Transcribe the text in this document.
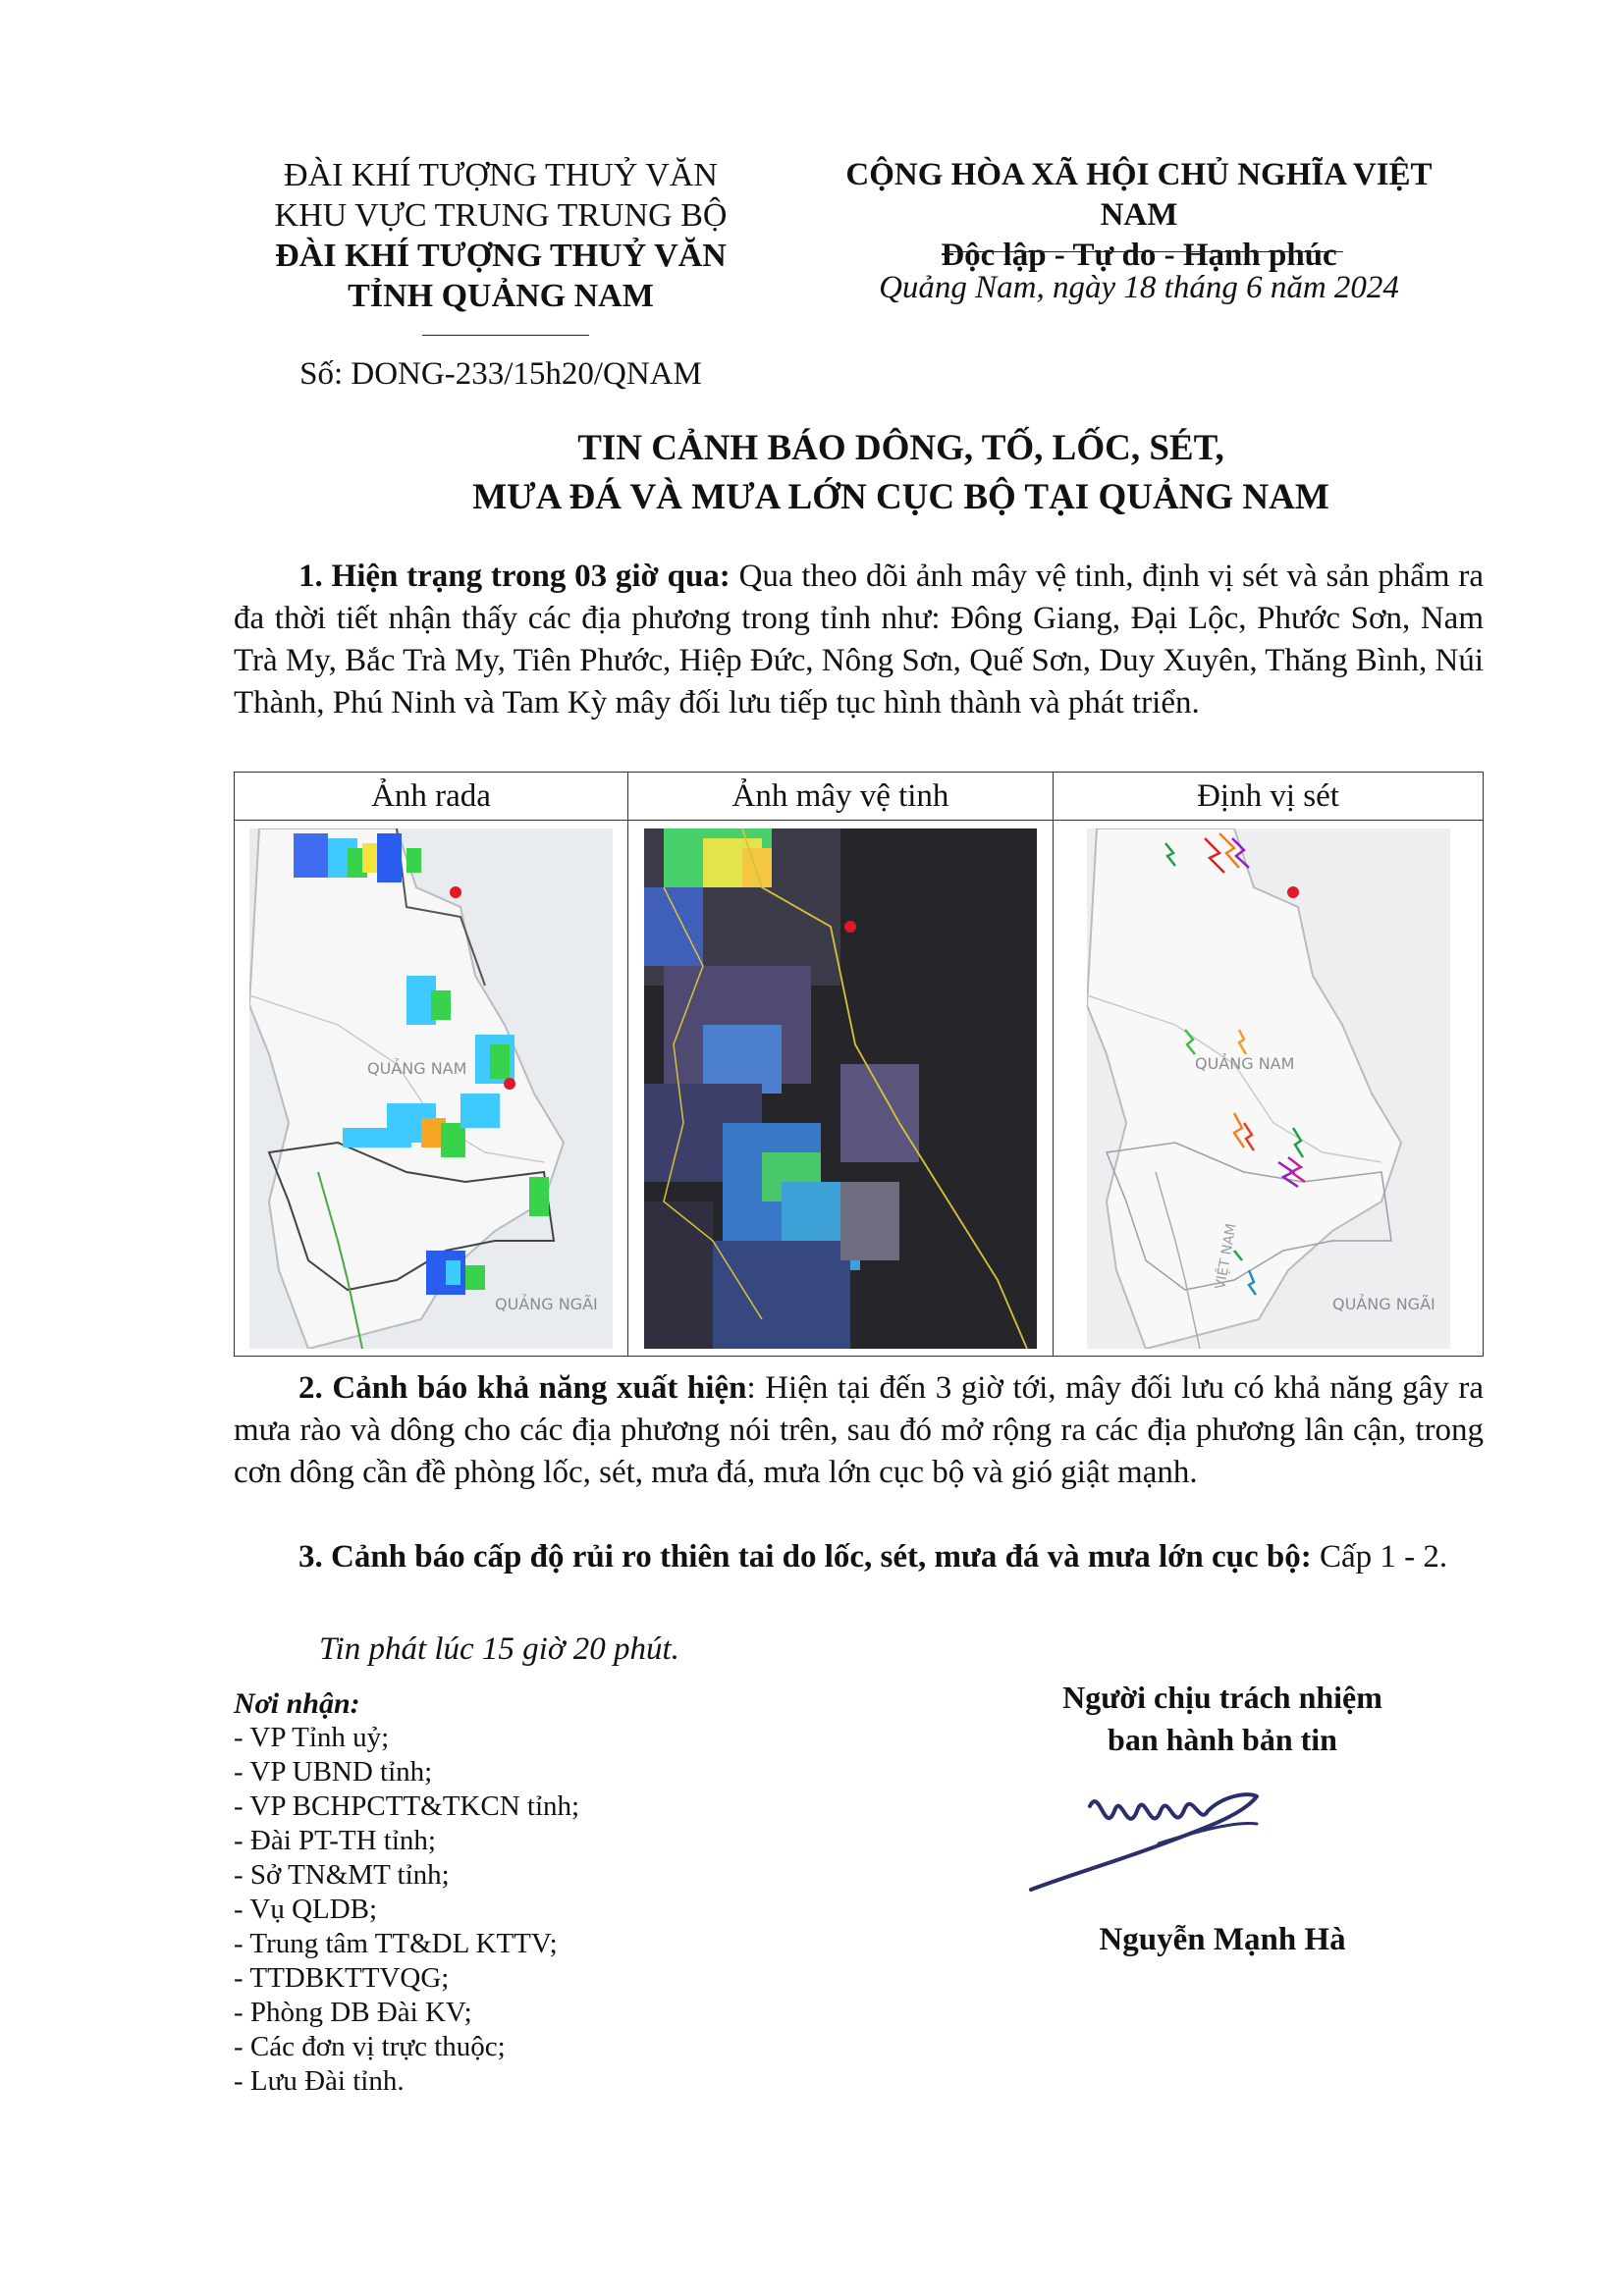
ĐÀI KHÍ TƯỢNG THUỶ VĂN
KHU VỰC TRUNG TRUNG BỘ
ĐÀI KHÍ TƯỢNG THUỶ VĂN
TỈNH QUẢNG NAM
Số: DONG-233/15h20/QNAM
CỘNG HÒA XÃ HỘI CHỦ NGHĨA VIỆT NAM
Độc lập - Tự do - Hạnh phúc
Quảng Nam, ngày 18 tháng 6 năm 2024
TIN CẢNH BÁO DÔNG, TỐ, LỐC, SÉT,
MƯA ĐÁ VÀ MƯA LỚN CỤC BỘ TẠI QUẢNG NAM
1. Hiện trạng trong 03 giờ qua: Qua theo dõi ảnh mây vệ tinh, định vị sét và sản phẩm ra đa thời tiết nhận thấy các địa phương trong tỉnh như: Đông Giang, Đại Lộc, Phước Sơn, Nam Trà My, Bắc Trà My, Tiên Phước, Hiệp Đức, Nông Sơn, Quế Sơn, Duy Xuyên, Thăng Bình, Núi Thành, Phú Ninh và Tam Kỳ mây đối lưu tiếp tục hình thành và phát triển.
Ảnh rada	Ảnh mây vệ tinh	Định vị sét

QUẢNG NAM
QUẢNG NGÃI		QUẢNG NAM
QUẢNG NGÃI
VIỆT NAM
2. Cảnh báo khả năng xuất hiện: Hiện tại đến 3 giờ tới, mây đối lưu có khả năng gây ra mưa rào và dông cho các địa phương nói trên, sau đó mở rộng ra các địa phương lân cận, trong cơn dông cần đề phòng lốc, sét, mưa đá, mưa lớn cục bộ và gió giật mạnh.
3. Cảnh báo cấp độ rủi ro thiên tai do lốc, sét, mưa đá và mưa lớn cục bộ: Cấp 1 - 2.
Tin phát lúc 15 giờ 20 phút.
Nơi nhận:
- VP Tỉnh uỷ;
- VP UBND tỉnh;
- VP BCHPCTT&TKCN tỉnh;
- Đài PT-TH tỉnh;
- Sở TN&MT tỉnh;
- Vụ QLDB;
- Trung tâm TT&DL KTTV;
- TTDBKTTVQG;
- Phòng DB Đài KV;
- Các đơn vị trực thuộc;
- Lưu Đài tỉnh.
Người chịu trách nhiệm
ban hành bản tin
Nguyễn Mạnh Hà
